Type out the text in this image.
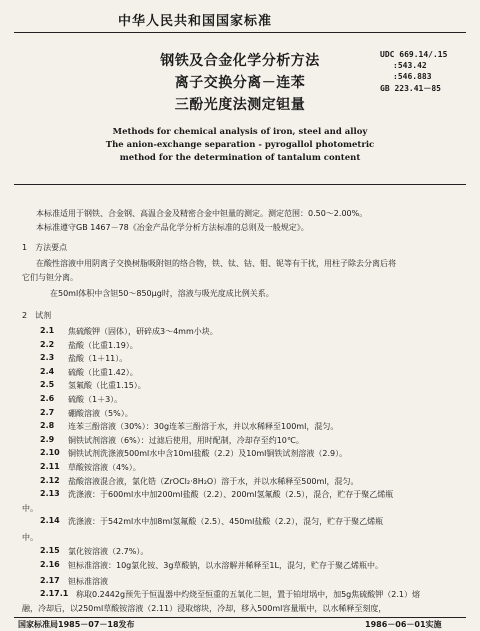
中华人民共和国国家标准
钢铁及合金化学分析方法
离子交换分离－连苯
三酚光度法测定钽量
UDC 669.14/.15
:543.42
:546.883
GB 223.41－85
Methods for chemical analysis of iron, steel and alloy
The anion-exchange separation - pyrogallol photometric
method for the determination of tantalum content
本标准适用于钢铁、合金钢、高温合金及精密合金中钽量的测定。测定范围：0.50～2.00%。
本标准遵守GB 1467－78《冶金产品化学分析方法标准的总则及一般规定》。
1　方法要点
在酸性溶液中用阴离子交换树脂吸附钽的络合物，铁、钛、钴、钼、铌等有干扰，用柱子除去分离后将
它们与钽分离。
在50ml体积中含钽50～850μg时，溶液与吸光度成比例关系。
2　试剂
2.1 焦硫酸钾（固体），研碎成3～4mm小块。
2.2 盐酸（比重1.19）。
2.3 盐酸（1＋11）。
2.4 硫酸（比重1.42）。
2.5 氢氟酸（比重1.15）。
2.6 硫酸（1＋3）。
2.7 硼酸溶液（5%）。
2.8 连苯三酚溶液（30%）：30g连苯三酚溶于水，并以水稀释至100ml，混匀。
2.9 铜铁试剂溶液（6%）：过滤后使用，用时配制，冷却存至约10℃。
2.10 铜铁试剂洗涤液500ml水中含10ml盐酸（2.2）及10ml铜铁试剂溶液（2.9）。
2.11 草酸铵溶液（4%）。
2.12 盐酸溶液混合液，氯化锆（ZrOCl₂·8H₂O）溶于水，并以水稀释至500ml，混匀。
2.13 洗涤液：于600ml水中加200ml盐酸（2.2）、200ml氢氟酸（2.5），混合，贮存于聚乙烯瓶
中。
2.14 洗涤液：于542ml水中加8ml氢氟酸（2.5）、450ml盐酸（2.2），混匀，贮存于聚乙烯瓶
中。
2.15 氯化铵溶液（2.7%）。
2.16 钽标准溶液：10g氯化铵、3g草酸钠，以水溶解并稀释至1L，混匀，贮存于聚乙烯瓶中。
2.17 钽标准溶液
2.17.1 称取0.2442g预先于恒温器中灼烧至恒重的五氧化二钽，置于铂坩埚中，加5g焦硫酸钾（2.1）熔
融，冷却后，以250ml草酸铵溶液（2.11）浸取熔块，冷却，移入500ml容量瓶中，以水稀释至刻度，
国家标准局1985－07－18发布	1986－06－01实施
